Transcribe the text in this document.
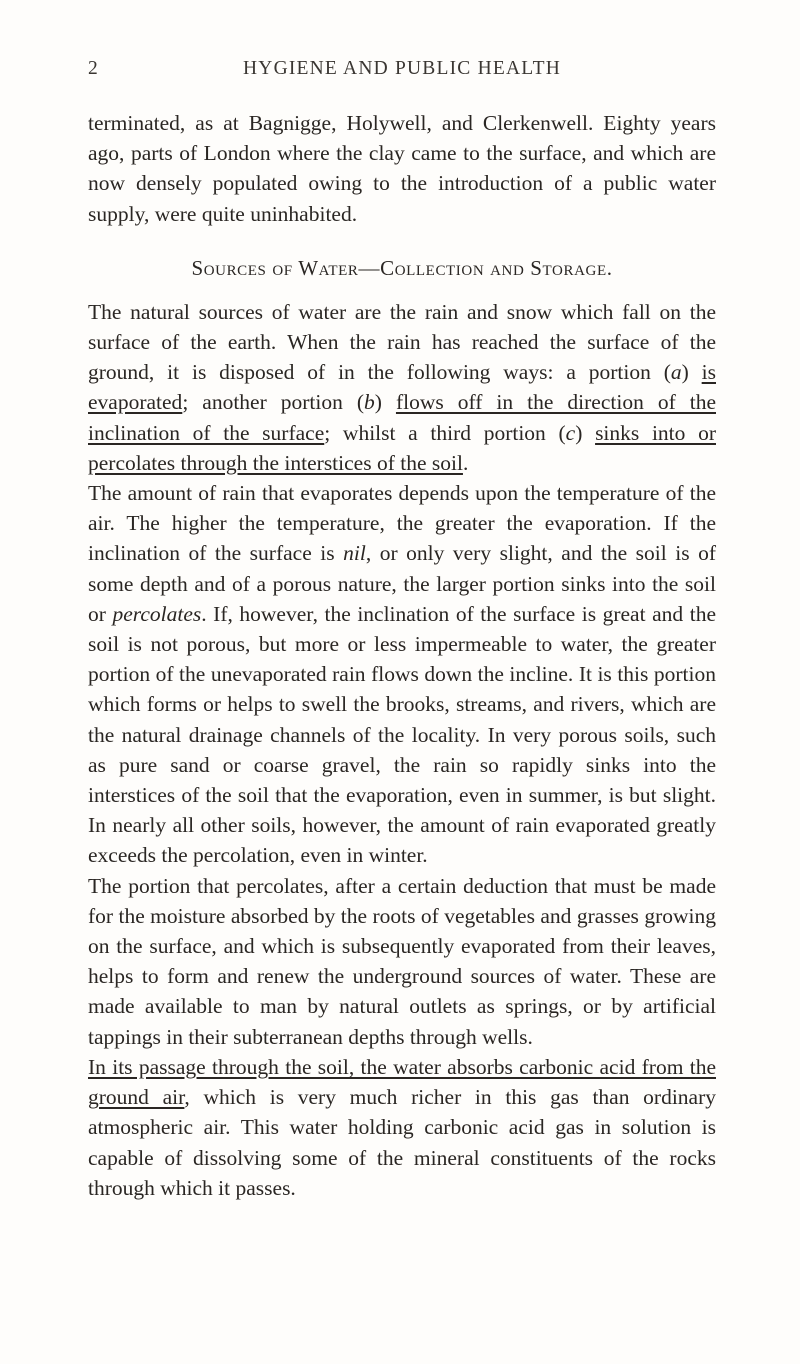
2	HYGIENE AND PUBLIC HEALTH

terminated, as at Bagnigge, Holywell, and Clerkenwell. Eighty years ago, parts of London where the clay came to the surface, and which are now densely populated owing to the introduction of a public water supply, were quite uninhabited.

Sources of Water—Collection and Storage.

The natural sources of water are the rain and snow which fall on the surface of the earth. When the rain has reached the surface of the ground, it is disposed of in the following ways: a portion (a) is evaporated; another portion (b) flows off in the direction of the inclination of the surface; whilst a third portion (c) sinks into or percolates through the interstices of the soil.

The amount of rain that evaporates depends upon the temperature of the air. The higher the temperature, the greater the evaporation. If the inclination of the surface is nil, or only very slight, and the soil is of some depth and of a porous nature, the larger portion sinks into the soil or percolates. If, however, the inclination of the surface is great and the soil is not porous, but more or less impermeable to water, the greater portion of the unevaporated rain flows down the incline. It is this portion which forms or helps to swell the brooks, streams, and rivers, which are the natural drainage channels of the locality. In very porous soils, such as pure sand or coarse gravel, the rain so rapidly sinks into the interstices of the soil that the evaporation, even in summer, is but slight. In nearly all other soils, however, the amount of rain evaporated greatly exceeds the percolation, even in winter.

The portion that percolates, after a certain deduction that must be made for the moisture absorbed by the roots of vegetables and grasses growing on the surface, and which is subsequently evaporated from their leaves, helps to form and renew the underground sources of water. These are made available to man by natural outlets as springs, or by artificial tappings in their subterranean depths through wells.

In its passage through the soil, the water absorbs carbonic acid from the ground air, which is very much richer in this gas than ordinary atmospheric air. This water holding carbonic acid gas in solution is capable of dissolving some of the mineral constituents of the rocks through which it passes.
